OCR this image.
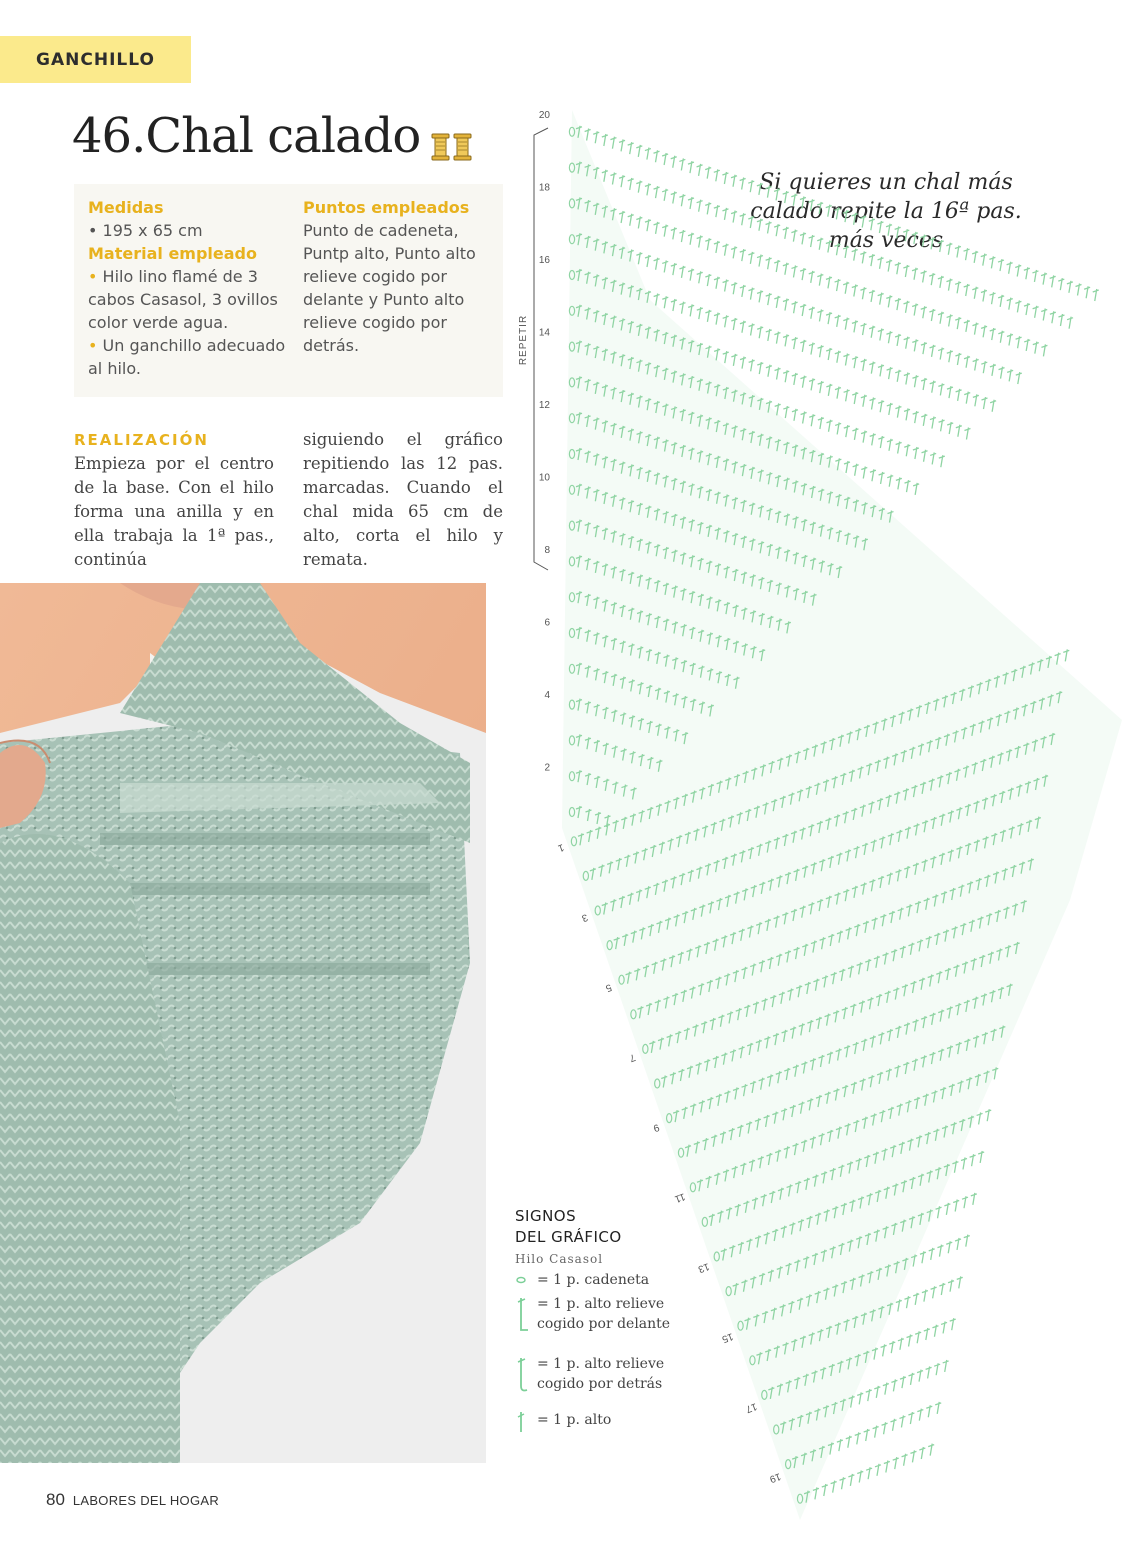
GANCHILLO
46.Chal calado

Medidas

• 195 x 65 cm

Material empleado

• Hilo lino flamé de 3 cabos Casasol, 3 ovillos color verde agua.

• Un ganchillo adecuado al hilo.

Puntos empleados

Punto de cadeneta, Puntp alto, Punto alto relieve cogido por delante y Punto alto relieve cogido por detrás.

REALIZACIÓN Empieza por el centro de la base. Con el hilo forma una anilla y en ella trabaja la 1ª pas., continúa
siguiendo el gráfico repitiendo las 12 pas. marcadas. Cuando el chal mida 65 cm de alto, corta el hilo y remata.
Si quieres un chal más calado repite la 16ª pas. más veces
20
18
16
14
12
10
8
6
4
2
1
3
5
7
9
11
13
15
17
19
REPETIR

SIGNOS

DEL GRÁFICO

Hilo Casasol

= 1 p. cadeneta
= 1 p. alto relieve cogido por delante
= 1 p. alto relieve cogido por detrás
= 1 p. alto
80 LABORES DEL HOGAR
